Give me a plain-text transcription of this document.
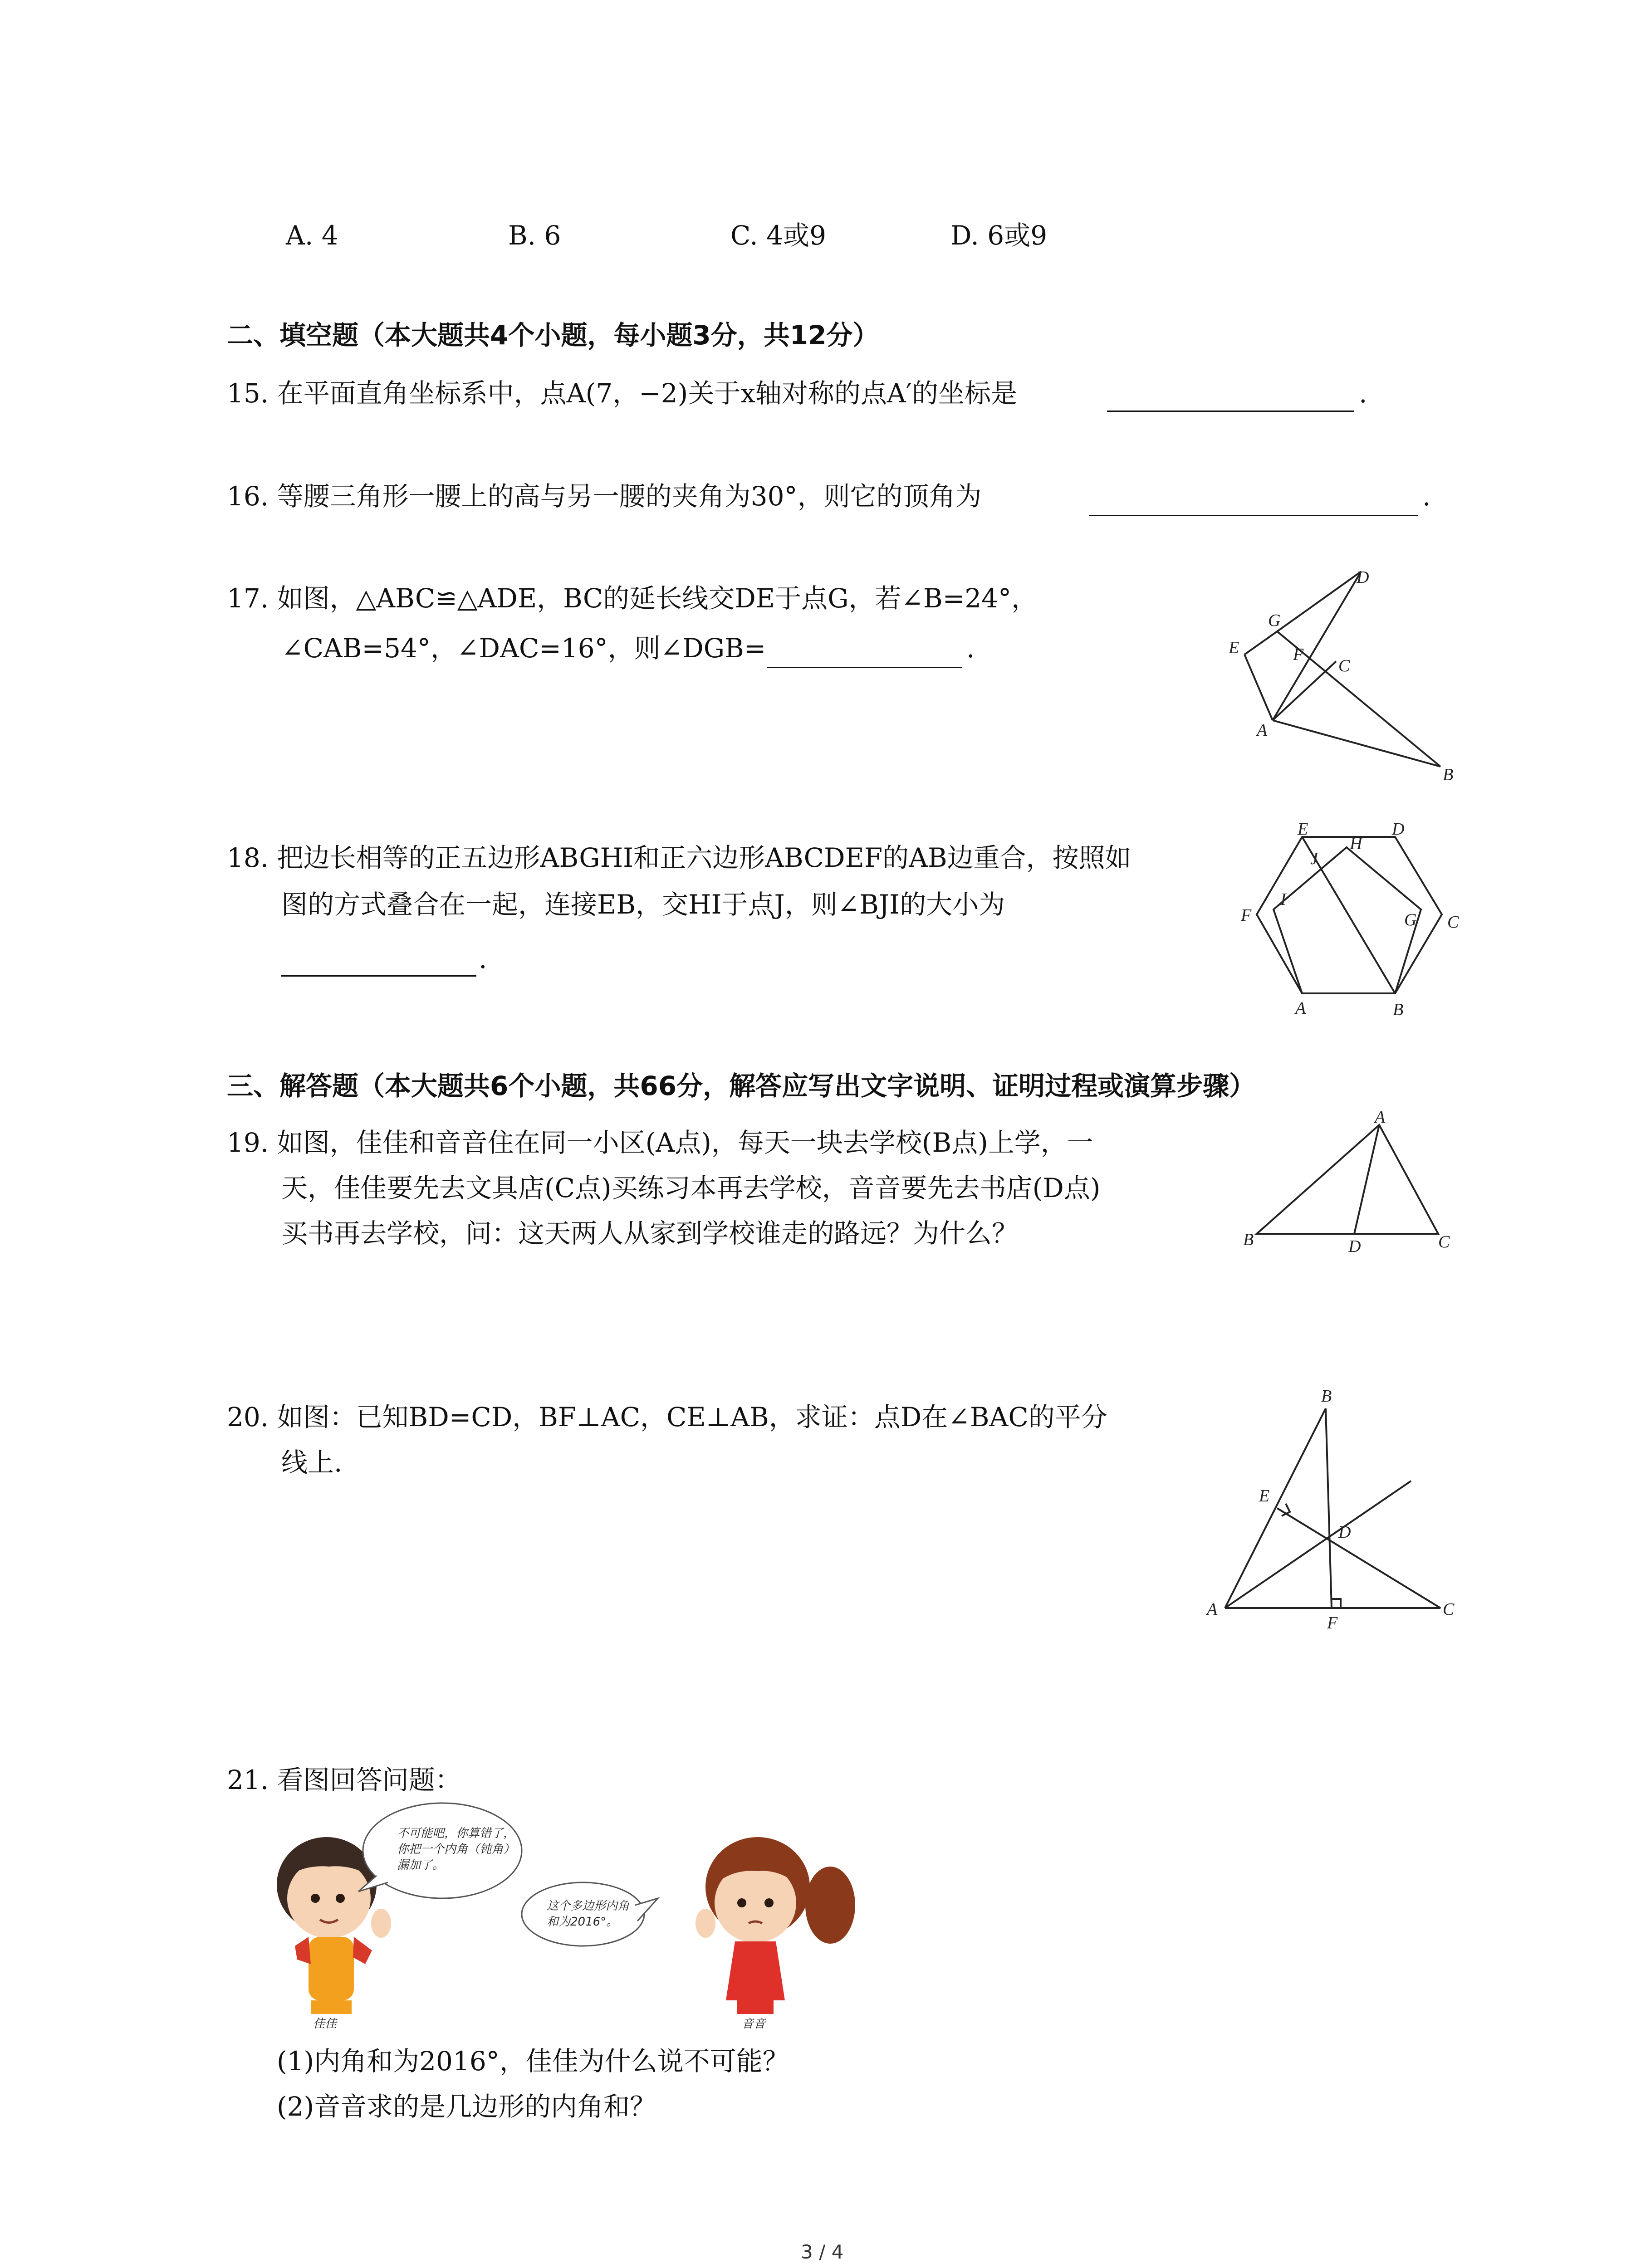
A. 4	B. 6	C. 4或9	D. 6或9
二、填空题（本大题共4个小题，每小题3分，共12分）
15. 在平面直角坐标系中，点A(7，−2)关于x轴对称的点A′的坐标是	.
16. 等腰三角形一腰上的高与另一腰的夹角为30°，则它的顶角为	.
17. 如图，△ABC≌△ADE，BC的延长线交DE于点G，若∠B=24°，
∠CAB=54°，∠DAC=16°，则∠DGB=	.
D
G
E	F
C
A
B
18. 把边长相等的正五边形ABGHI和正六边形ABCDEF的AB边重合，按照如
图的方式叠合在一起，连接EB，交HI于点J，则∠BJI的大小为
.
E	D
H
J
I
F	G C
A	B
三、解答题（本大题共6个小题，共66分，解答应写出文字说明、证明过程或演算步骤）
19. 如图，佳佳和音音住在同一小区(A点)，每天一块去学校(B点)上学，一
天，佳佳要先去文具店(C点)买练习本再去学校，音音要先去书店(D点)
买书再去学校，问：这天两人从家到学校谁走的路远？为什么？
A
B	D	C
20. 如图：已知BD=CD，BF⊥AC，CE⊥AB，求证：点D在∠BAC的平分
线上.
B
E
D
A
F
C
21. 看图回答问题：
不可能吧，你算错了，
你把一个内角（钝角）
漏加了。
佳佳
这个多边形内角
和为2016°。
音音
(1)内角和为2016°，佳佳为什么说不可能？
(2)音音求的是几边形的内角和？
3 / 4
